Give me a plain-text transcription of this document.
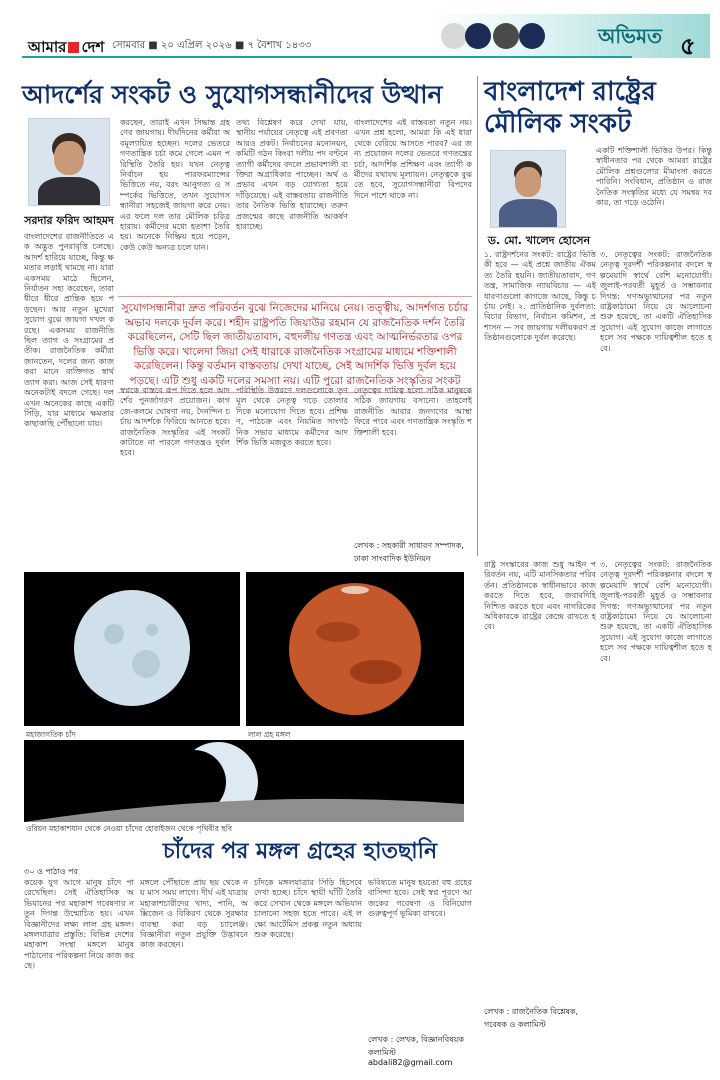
আমার দেশ সোমবার ■ ২০ এপ্রিল ২০২৬ ■ ৭ বৈশাখ ১৪৩৩	অভিমত ৫
আদর্শের সংকট ও সুযোগসন্ধানীদের উত্থান
সরদার ফরিদ আহমদ

বাংলাদেশের রাজনীতিতে এক অদ্ভুত পুনরাবৃত্তি চলছে। আদর্শ হারিয়ে যাচ্ছে, কিন্তু ক্ষমতার লড়াই থামছে না। যারা একসময় মাঠে ছিলেন, নির্যাতন সহ্য করেছেন, তারা ধীরে ধীরে প্রান্তিক হয়ে পড়ছেন। আর নতুন মুখেরা সুযোগ বুঝে জায়গা দখল করছে। একসময় রাজনীতি ছিল ত্যাগ ও সংগ্রামের প্রতীক। রাজনৈতিক কর্মীরা জানতেন, দলের জন্য কাজ করা মানে ব্যক্তিগত স্বার্থ ত্যাগ করা। আজ সেই ধারণা অনেকটাই বদলে গেছে। দল এখন অনেকের কাছে একটি সিঁড়ি, যার মাধ্যমে ক্ষমতার কাছাকাছি পৌঁছানো যায়।

করছেন, তারাই এখন সিদ্ধান্ত গ্রহণের জায়গায়। দীর্ঘদিনের কর্মীরা অবমূল্যায়িত হচ্ছেন। দলের ভেতরে গণতান্ত্রিক চর্চা কমে গেলে এমন পরিস্থিতি তৈরি হয়। যখন নেতৃত্ব নির্বাচন হয় পারফরম্যান্সের ভিত্তিতে নয়, বরং আনুগত্য ও সম্পর্কের ভিত্তিতে, তখন সুযোগসন্ধানীরা সহজেই জায়গা করে নেয়। এর ফলে দল তার মৌলিক চরিত্র হারায়। কর্মীদের মধ্যে হতাশা তৈরি হয়। অনেকে নিষ্ক্রিয় হয়ে পড়েন, কেউ কেউ অন্যত্র চলে যান।

তথ্য বিশ্লেষণ করে দেখা যায়, স্থানীয় পর্যায়ের নেতৃত্বে এই প্রবণতা আরও প্রকট। নির্বাচনের মনোনয়ন, কমিটি গঠন কিংবা দলীয় পদ বণ্টনে ত্যাগী কর্মীদের বদলে প্রভাবশালী ব্যক্তিরা অগ্রাধিকার পাচ্ছেন। অর্থ ও প্রভাব এখন বড় যোগ্যতা হয়ে দাঁড়িয়েছে। এই বাস্তবতায় রাজনীতি তার নৈতিক ভিত্তি হারাচ্ছে। তরুণ প্রজন্মের কাছে রাজনীতি আকর্ষণ হারাচ্ছে।

বাংলাদেশের এই বাস্তবতা নতুন নয়। এখন প্রশ্ন হলো, আমরা কি এই ধারা থেকে বেরিয়ে আসতে পারব? এর জন্য প্রয়োজন দলের ভেতরে গণতন্ত্রের চর্চা, আদর্শিক প্রশিক্ষণ এবং ত্যাগী কর্মীদের যথাযথ মূল্যায়ন। নেতৃত্বকে বুঝতে হবে, সুযোগসন্ধানীরা বিপদের দিনে পাশে থাকে না।

সুযোগসন্ধানীরা দ্রুত পরিবর্তন বুঝে নিজেদের মানিয়ে নেয়। তত্ত্বীয়, আদর্শগত চর্চার অভাব দলকে দুর্বল করে। শহীদ রাষ্ট্রপতি জিয়াউর রহমান যে রাজনৈতিক দর্শন তৈরি করেছিলেন, সেটি ছিল জাতীয়তাবাদ, বহুদলীয় গণতন্ত্র এবং আত্মনির্ভরতার ওপর ভিত্তি করে। খালেদা জিয়া সেই ধারাকে রাজনৈতিক সংগ্রামের মাধ্যমে শক্তিশালী করেছিলেন। কিন্তু বর্তমান বাস্তবতায় দেখা যাচ্ছে, সেই আদর্শিক ভিত্তি দুর্বল হয়ে পড়ছে। এটি শুধু একটি দলের সমস্যা নয়। এটি পুরো রাজনৈতিক সংস্কৃতির সংকট

স্বপ্নকে বাস্তবে রূপ দিতে হলে আদর্শের পুনর্জাগরণ প্রয়োজন। কাগজে-কলমে ঘোষণা নয়, দৈনন্দিন চর্চায় আদর্শকে ফিরিয়ে আনতে হবে। রাজনৈতিক সংস্কৃতির এই সংকট কাটাতে না পারলে গণতন্ত্রও দুর্বল হবে।

পরিস্থিতি উত্তরণে দলগুলোকে তৃণমূল থেকে নেতৃত্ব গড়ে তোলার দিকে মনোযোগ দিতে হবে। প্রশিক্ষণ, পাঠচক্র এবং নিয়মিত সাংগঠনিক সভার মাধ্যমে কর্মীদের আদর্শিক ভিত্তি মজবুত করতে হবে।

নেতৃত্বের দায়িত্ব হলো সঠিক মানুষকে সঠিক জায়গায় বসানো। তাহলেই রাজনীতি আবার জনগণের আস্থা ফিরে পাবে এবং গণতান্ত্রিক সংস্কৃতি শক্তিশালী হবে।

লেখক : সহকারী সাধারণ সম্পাদক, ঢাকা সাংবাদিক ইউনিয়ন
বাংলাদেশ রাষ্ট্রের মৌলিক সংকট
ড. মো. খালেদ হোসেন

একটি শক্তিশালী ভিত্তির উপর। কিন্তু স্বাধীনতার পর থেকে আমরা রাষ্ট্রের মৌলিক প্রশ্নগুলোর মীমাংসা করতে পারিনি। সংবিধান, প্রতিষ্ঠান ও রাজনৈতিক সংস্কৃতির মধ্যে যে সমন্বয় দরকার, তা গড়ে ওঠেনি।

১. রাষ্ট্রদর্শনের সংকট: রাষ্ট্রের ভিত্তি কী হবে — এই প্রশ্নে জাতীয় ঐকমত্য তৈরি হয়নি। জাতীয়তাবাদ, গণতন্ত্র, সামাজিক ন্যায়বিচার — এই ধারণাগুলো কাগজে আছে, কিন্তু চর্চায় নেই। ২. প্রাতিষ্ঠানিক দুর্বলতা: বিচার বিভাগ, নির্বাচন কমিশন, প্রশাসন — সব জায়গায় দলীয়করণ প্রতিষ্ঠানগুলোকে দুর্বল করেছে।

৩. নেতৃত্বের সংকট: রাজনৈতিক নেতৃত্ব দূরদর্শী পরিকল্পনার বদলে স্বল্পমেয়াদি স্বার্থে বেশি মনোযোগী। জুলাই-পরবর্তী মুহূর্ত ও সম্ভাবনার দিগন্ত: গণঅভ্যুত্থানের পর নতুন রাষ্ট্রকাঠামো নিয়ে যে আলোচনা শুরু হয়েছে, তা একটি ঐতিহাসিক সুযোগ। এই সুযোগ কাজে লাগাতে হলে সব পক্ষকে দায়িত্বশীল হতে হবে।

রাষ্ট্র সংস্কারের কাজ শুধু আইন পরিবর্তন নয়, এটি মানসিকতার পরিবর্তন। প্রতিষ্ঠানকে স্বাধীনভাবে কাজ করতে দিতে হবে, জবাবদিহি নিশ্চিত করতে হবে এবং নাগরিকের অধিকারকে রাষ্ট্রের কেন্দ্রে রাখতে হবে।

লেখক : রাজনৈতিক বিশ্লেষক, গবেষক ও কলামিস্ট

৩. নেতৃত্বের সংকট: রাজনৈতিক নেতৃত্ব দূরদর্শী পরিকল্পনার বদলে স্বল্পমেয়াদি স্বার্থে বেশি মনোযোগী। জুলাই-পরবর্তী মুহূর্ত ও সম্ভাবনার দিগন্ত: গণঅভ্যুত্থানের পর নতুন রাষ্ট্রকাঠামো নিয়ে যে আলোচনা শুরু হয়েছে, তা একটি ঐতিহাসিক সুযোগ। এই সুযোগ কাজে লাগাতে হলে সব পক্ষকে দায়িত্বশীল হতে হবে।

মহাজাগতিক চাঁদ	লাল গ্রহ মঙ্গল
ওরিয়ন মহাকাশযান থেকে নেওয়া চাঁদের হোরাইজন থেকে পৃথিবীর ছবি
চাঁদের পর মঙ্গল গ্রহের হাতছানি
৩০ ও পাঠাও পর

কয়েক যুগ আগে মানুষ চাঁদে পা রেখেছিল। সেই ঐতিহাসিক অভিযানের পর মহাকাশ গবেষণার নতুন দিগন্ত উন্মোচিত হয়। এখন বিজ্ঞানীদের লক্ষ্য লাল গ্রহ মঙ্গল। মঙ্গলযাত্রার প্রস্তুতি: বিভিন্ন দেশের মহাকাশ সংস্থা মঙ্গলে মানুষ পাঠানোর পরিকল্পনা নিয়ে কাজ করছে।

মঙ্গলে পৌঁছাতে প্রায় ছয় থেকে নয় মাস সময় লাগে। দীর্ঘ এই যাত্রায় মহাকাশচারীদের খাদ্য, পানি, অক্সিজেন ও বিকিরণ থেকে সুরক্ষার ব্যবস্থা করা বড় চ্যালেঞ্জ। বিজ্ঞানীরা নতুন প্রযুক্তি উদ্ভাবনে কাজ করছেন।

চাঁদকে মঙ্গলযাত্রার সিঁড়ি হিসেবে দেখা হচ্ছে। চাঁদে স্থায়ী ঘাঁটি তৈরি করে সেখান থেকে মঙ্গলে অভিযান চালানো সহজ হতে পারে। এই লক্ষ্যে আর্টেমিস প্রকল্প নতুন অধ্যায় শুরু করেছে।

ভবিষ্যতে মানুষ হয়তো বহু গ্রহের বাসিন্দা হবে। সেই স্বপ্ন পূরণে আজকের গবেষণা ও বিনিয়োগ গুরুত্বপূর্ণ ভূমিকা রাখবে।

লেখক : লেখক, বিজ্ঞানবিষয়ক কলামিস্ট
abdali82@gmail.com
